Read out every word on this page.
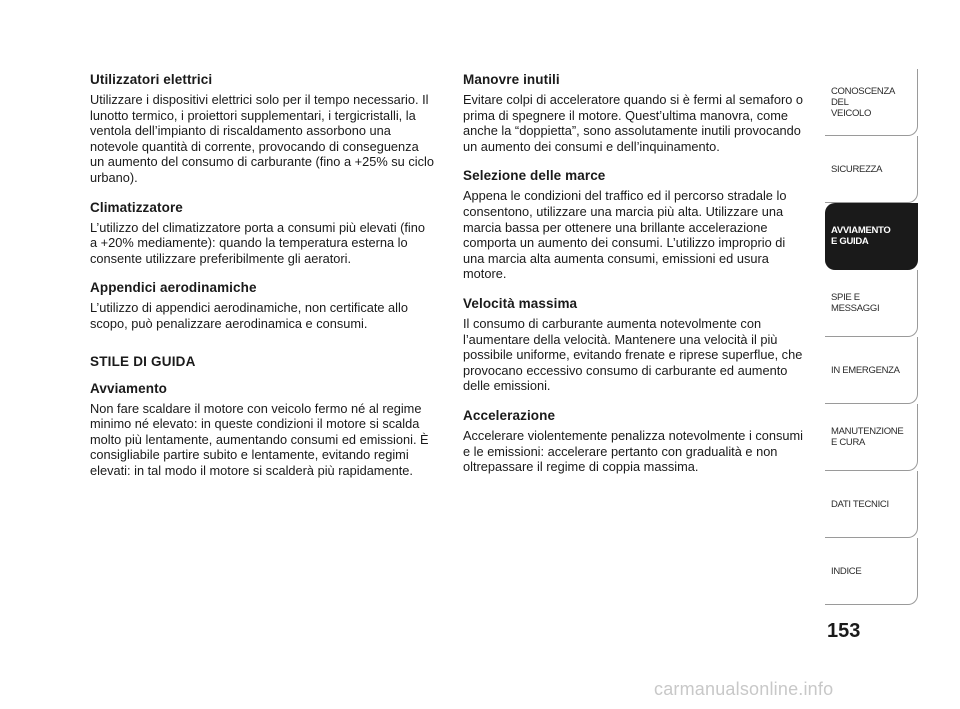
Utilizzatori elettrici
Utilizzare i dispositivi elettrici solo per il tempo necessario. Il lunotto termico, i proiettori supplementari, i tergicristalli, la ventola dell’impianto di riscaldamento assorbono una notevole quantità di corrente, provocando di conseguenza un aumento del consumo di carburante (fino a +25% su ciclo urbano).
Climatizzatore
L’utilizzo del climatizzatore porta a consumi più elevati (fino a +20% mediamente): quando la temperatura esterna lo consente utilizzare preferibilmente gli aeratori.
Appendici aerodinamiche
L’utilizzo di appendici aerodinamiche, non certificate allo scopo, può penalizzare aerodinamica e consumi.
STILE DI GUIDA
Avviamento
Non fare scaldare il motore con veicolo fermo né al regime minimo né elevato: in queste condizioni il motore si scalda molto più lentamente, aumentando consumi ed emissioni. È consigliabile partire subito e lentamente, evitando regimi elevati: in tal modo il motore si scalderà più rapidamente.
Manovre inutili
Evitare colpi di acceleratore quando si è fermi al semaforo o prima di spegnere il motore. Quest’ultima manovra, come anche la “doppietta”, sono assolutamente inutili provocando un aumento dei consumi e dell’inquinamento.
Selezione delle marce
Appena le condizioni del traffico ed il percorso stradale lo consentono, utilizzare una marcia più alta. Utilizzare una marcia bassa per ottenere una brillante accelerazione comporta un aumento dei consumi. L’utilizzo improprio di una marcia alta aumenta consumi, emissioni ed usura motore.
Velocità massima
Il consumo di carburante aumenta notevolmente con l’aumentare della velocità. Mantenere una velocità il più possibile uniforme, evitando frenate e riprese superflue, che provocano eccessivo consumo di carburante ed aumento delle emissioni.
Accelerazione
Accelerare violentemente penalizza notevolmente i consumi e le emissioni: accelerare pertanto con gradualità e non oltrepassare il regime di coppia massima.
CONOSCENZA
DEL
VEICOLO
SICUREZZA
AVVIAMENTO
E GUIDA
SPIE E
MESSAGGI
IN EMERGENZA
MANUTENZIONE
E CURA
DATI TECNICI
INDICE
153
carmanualsonline.info
